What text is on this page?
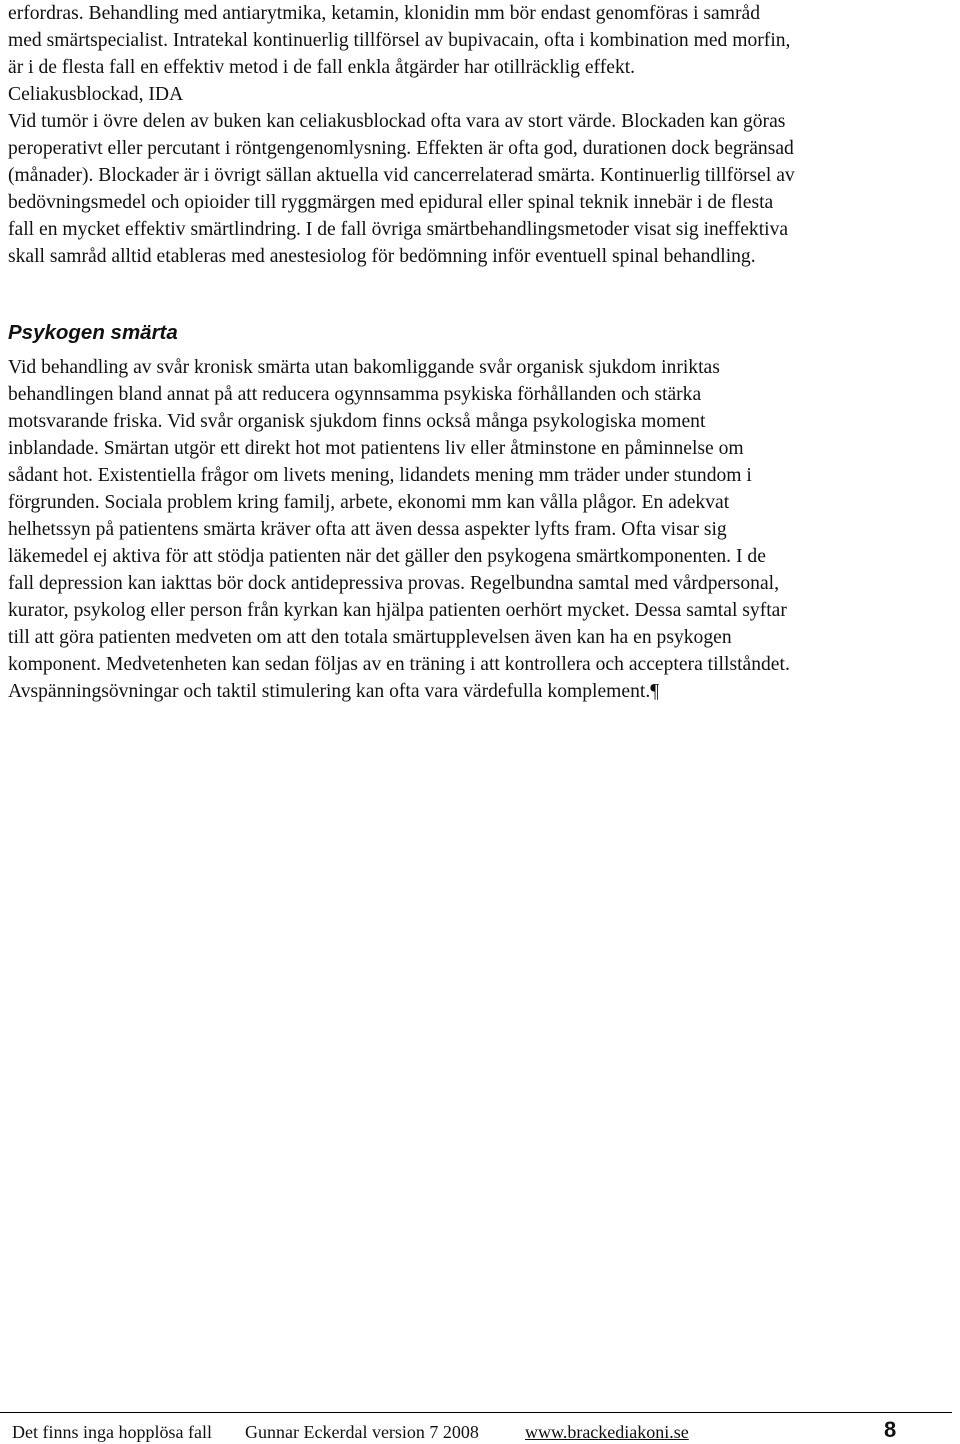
erfordras. Behandling med antiarytmika, ketamin, klonidin mm bör endast genomföras i samråd
med smärtspecialist. Intratekal kontinuerlig tillförsel av bupivacain, ofta i kombination med morfin,
är i de flesta fall en effektiv metod i de fall enkla åtgärder har otillräcklig effekt.
Celiakusblockad, IDA
Vid tumör i övre delen av buken kan celiakusblockad ofta vara av stort värde. Blockaden kan göras
peroperativt eller percutant i röntgengenomlysning. Effekten är ofta god, durationen dock begränsad
(månader). Blockader är i övrigt sällan aktuella vid cancerrelaterad smärta. Kontinuerlig tillförsel av
bedövningsmedel och opioider till ryggmärgen med epidural eller spinal teknik innebär i de flesta
fall en mycket effektiv smärtlindring. I de fall övriga smärtbehandlingsmetoder visat sig ineffektiva
skall samråd alltid etableras med anestesiolog för bedömning inför eventuell spinal behandling.
Psykogen smärta
Vid behandling av svår kronisk smärta utan bakomliggande svår organisk sjukdom inriktas
behandlingen bland annat på att reducera ogynnsamma psykiska förhållanden och stärka
motsvarande friska. Vid svår organisk sjukdom finns också många psykologiska moment
inblandade. Smärtan utgör ett direkt hot mot patientens liv eller åtminstone en påminnelse om
sådant hot. Existentiella frågor om livets mening, lidandets mening mm träder under stundom i
förgrunden. Sociala problem kring familj, arbete, ekonomi mm kan vålla plågor. En adekvat
helhetssyn på patientens smärta kräver ofta att även dessa aspekter lyfts fram. Ofta visar sig
läkemedel ej aktiva för att stödja patienten när det gäller den psykogena smärtkomponenten. I de
fall depression kan iakttas bör dock antidepressiva provas. Regelbundna samtal med vårdpersonal,
kurator, psykolog eller person från kyrkan kan hjälpa patienten oerhört mycket. Dessa samtal syftar
till att göra patienten medveten om att den totala smärtupplevelsen även kan ha en psykogen
komponent. Medvetenheten kan sedan följas av en träning i att kontrollera och acceptera tillståndet.
Avspänningsövningar och taktil stimulering kan ofta vara värdefulla komplement.¶
Det finns inga hopplösa fall Gunnar Eckerdal version 7 2008	www.brackediakoni.se	8
